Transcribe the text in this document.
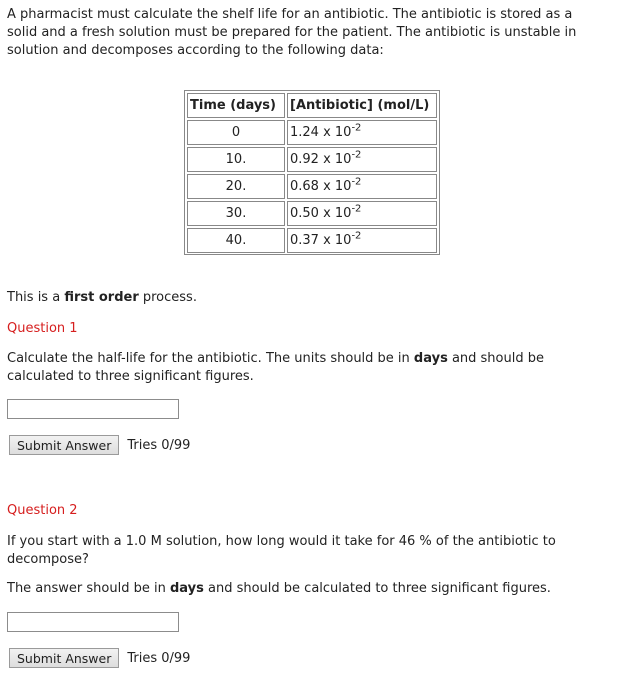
A pharmacist must calculate the shelf life for an antibiotic. The antibiotic is stored as a solid and a fresh solution must be prepared for the patient. The antibiotic is unstable in solution and decomposes according to the following data:

Time (days)	[Antibiotic] (mol/L)
0	1.24 x $10^{-2}$
10.	0.92 x $10^{-2}$
20.	0.68 x $10^{-2}$
30.	0.50 x $10^{-2}$
40.	0.37 x $10^{-2}$

This is a first order process.

Question 1

Calculate the half-life for the antibiotic. The units should be in days and should be calculated to three significant figures.

Submit Answer	Tries 0/99

Question 2

If you start with a 1.0 M solution, how long would it take for 46 % of the antibiotic to decompose?

The answer should be in days and should be calculated to three significant figures.

Submit Answer	Tries 0/99
